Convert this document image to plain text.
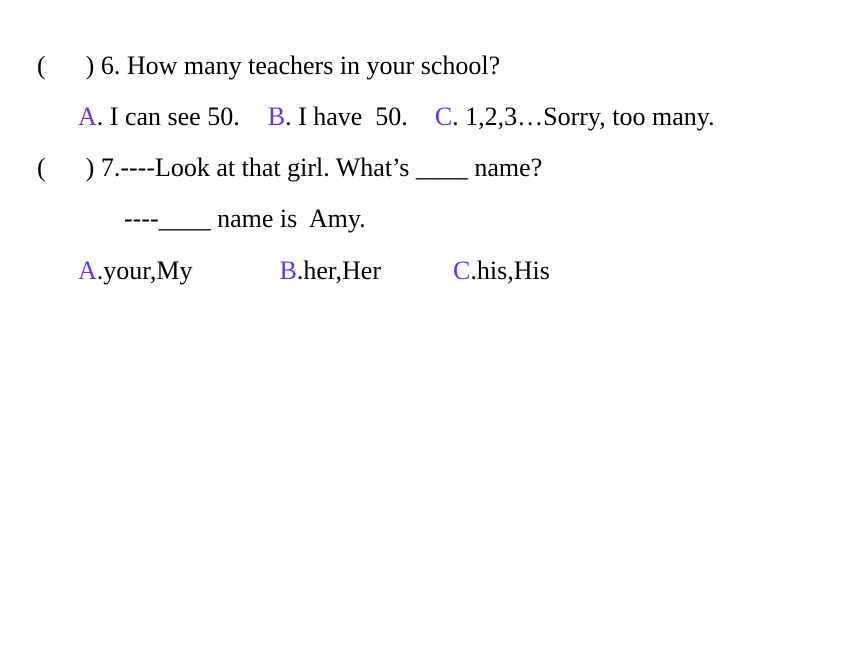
( ) 6. How many teachers in your school?
A. I can see 50. B. I have  50. C. 1,2,3…Sorry, too many.
( ) 7.----Look at that girl. What’s ____ name?
----____ name is  Amy.
A.your,My	B.her,Her	C.his,His
